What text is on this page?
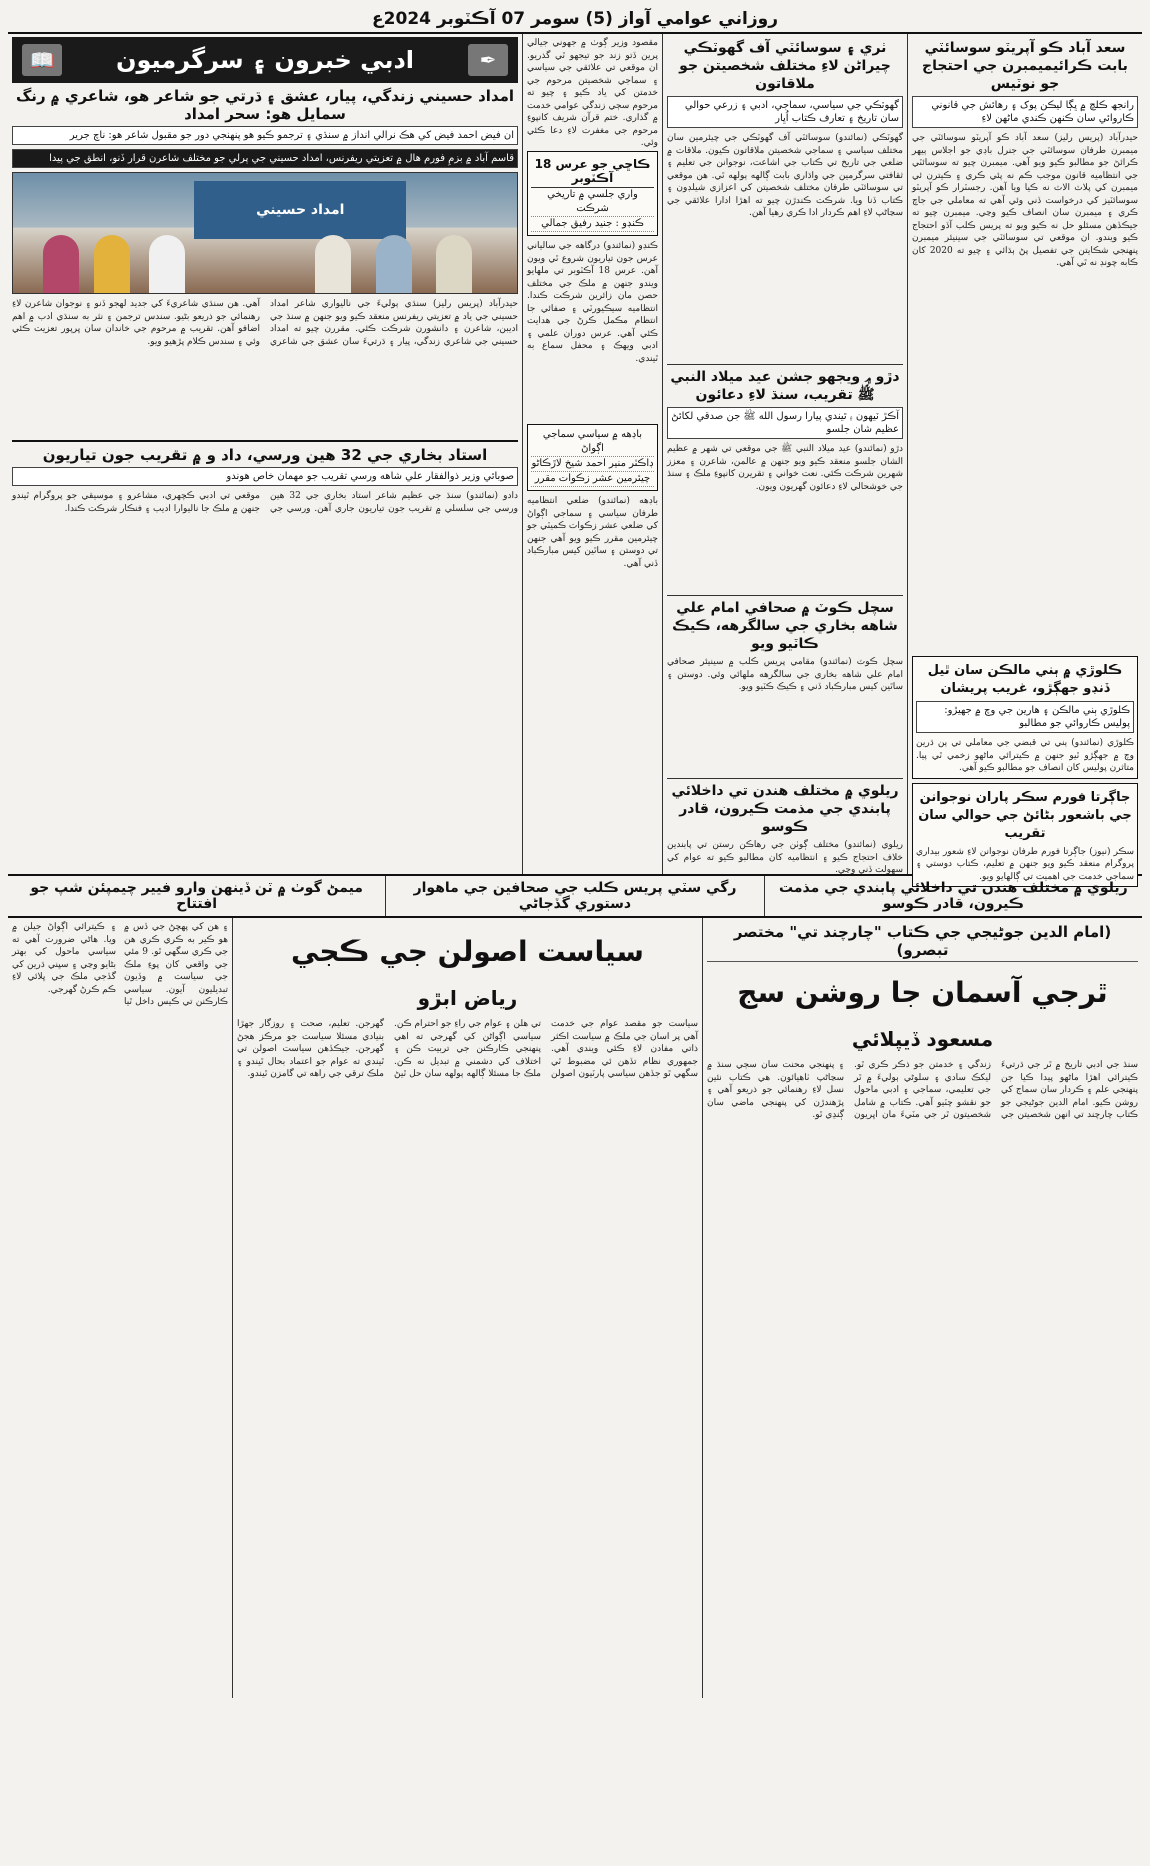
روزاني عوامي آواز (5) سومر 07 آڪٽوبر 2024ع
سعد آباد ڪو آپريٽو سوسائٽي بابت ڪرائيميمبرن جي احتجاج جو نوٽيس
رانجھ ڪلچ ۾ ڀڳا ليڪن پوک ۽ رهائش جي قانوني ڪاروائي سان ڪنهن ڪندي ماڻهن لاءِ
حيدرآباد (پريس رليز) سعد آباد ڪو آپريٽو سوسائٽي جي ميمبرن طرفان سوسائٽي جي جنرل باڊي جو اجلاس ٻيهر ڪرائڻ جو مطالبو ڪيو ويو آهي. ميمبرن چيو ته سوسائٽي جي انتظاميه قانون موجب ڪم نه پئي ڪري ۽ ڪيترن ئي ميمبرن کي پلاٽ الاٽ نه ڪيا ويا آهن. رجسٽرار ڪو آپريٽو سوسائٽيز کي درخواست ڏني وئي آهي ته معاملي جي جاچ ڪري ۽ ميمبرن سان انصاف ڪيو وڃي. ميمبرن چيو ته جيڪڏهن مسئلو حل نه ڪيو ويو ته پريس ڪلب آڏو احتجاج ڪيو ويندو. ان موقعي تي سوسائٽي جي سينيئر ميمبرن پنهنجي شڪايتن جي تفصيل پڻ ٻڌائي ۽ چيو ته 2020 کان ڪابه چونڊ نه ٿي آهي.
ڪلوڙي ۾ ٻني مالڪن سان ٿيل ڏنڊو جهڳڙو، غريب پريشان
ڪلوڙي ٻني مالڪن ۽ هارين جي وچ ۾ جهيڙو: پوليس ڪاروائي جو مطالبو
ڪلوڙي (نمائندو) ٻني تي قبضي جي معاملي تي ٻن ڌرين وچ ۾ جهڳڙو ٿيو جنهن ۾ ڪيترائي ماڻهو زخمي ٿي پيا. متاثرن پوليس کان انصاف جو مطالبو ڪيو آهي.
جاڳرتا فورم سڪر پاران نوجوانن جي باشعور بڻائڻ جي حوالي سان تقريب
سڪر (نيوز) جاڳرتا فورم طرفان نوجوانن لاءِ شعور بيداري پروگرام منعقد ڪيو ويو جنهن ۾ تعليم، ڪتاب دوستي ۽ سماجي خدمت جي اهميت تي ڳالهايو ويو.
ٺري ۽ سوسائٽي آف گهوٽڪي چيراڻن لاءِ مختلف شخصيتن جو ملاقاتون
گهوٽڪي جي سياسي، سماجي، ادبي ۽ زرعي حوالي سان تاريخ ۽ تعارف ڪتاب اُڀار
گهوٽڪي (نمائندو) سوسائٽي آف گهوٽڪي جي چيئرمين سان مختلف سياسي ۽ سماجي شخصيتن ملاقاتون ڪيون. ملاقات ۾ ضلعي جي تاريخ تي ڪتاب جي اشاعت، نوجوانن جي تعليم ۽ ثقافتي سرگرمين جي واڌاري بابت ڳالهه ٻولهه ٿي. هن موقعي تي سوسائٽي طرفان مختلف شخصيتن کي اعزازي شيلڊون ۽ ڪتاب ڏنا ويا. شرڪت ڪندڙن چيو ته اهڙا ادارا علائقي جي سڃاڻپ لاءِ اهم ڪردار ادا ڪري رهيا آهن.
دڙو ۾ ويجهو جشن عيد ميلاد النبي ﷺ تقريب، سنڌ لاءِ دعائون
آڪڙ ٽيهون ۽ ٿيندي پيارا رسول الله ﷺ جن صدقي لکائڻ عظيم شان جلسو
دڙو (نمائندو) عيد ميلاد النبي ﷺ جي موقعي تي شهر ۾ عظيم الشان جلسو منعقد ڪيو ويو جنهن ۾ عالمن، شاعرن ۽ معزز شهرين شرڪت ڪئي. نعت خواني ۽ تقريرن کانپوءِ ملڪ ۽ سنڌ جي خوشحالي لاءِ دعائون گهريون ويون.
سچل ڪوٽ ۾ صحافي امام علي شاهه بخاري جي سالگرهه، ڪيڪ ڪاٽيو ويو
سچل ڪوٽ (نمائندو) مقامي پريس ڪلب ۾ سينيئر صحافي امام علي شاهه بخاري جي سالگرهه ملهائي وئي. دوستن ۽ ساٿين کيس مبارڪباد ڏني ۽ ڪيڪ ڪٽيو ويو.
ريلوي ۾ مختلف هندن تي داخلائي پابندي جي مذمت ڪيرون، قادر ڪوسو
ريلوي (نمائندو) مختلف ڳوٺن جي رهاڪن رستن تي پابندين خلاف احتجاج ڪيو ۽ انتظاميه کان مطالبو ڪيو ته عوام کي سهولت ڏني وڃي.
مقصود وزير ڳوٺ ۾ جهوني جيالي پرين ڏتو زند جو تيجهو ٿي گذريو. ان موقعي تي علائقي جي سياسي ۽ سماجي شخصيتن مرحوم جي خدمتن کي ياد ڪيو ۽ چيو ته مرحوم سڄي زندگي عوامي خدمت ۾ گذاري. ختم قرآن شريف کانپوءِ مرحوم جي مغفرت لاءِ دعا ڪئي وئي.
ڪاڇي جو عرس 18 آڪٽوبر
واري جلسي ۾ تاريخي شرڪت
ڪنڊو : جنيد رفيق جمالي
ڪنڊو (نمائندو) درگاهه جي سالياني عرس جون تياريون شروع ٿي ويون آهن. عرس 18 آڪٽوبر تي ملهايو ويندو جنهن ۾ ملڪ جي مختلف حصن مان زائرين شرڪت ڪندا. انتظاميه سيڪيورٽي ۽ صفائي جا انتظام مڪمل ڪرڻ جي هدايت ڪئي آهي. عرس دوران علمي ۽ ادبي ويهڪ ۽ محفل سماع به ٿيندي.
باڊهه ۾ سياسي سماجي اڳواڻ
ڊاڪٽر منير احمد شيخ لاڙڪاڻو
چيئرمين عشر زڪوات مقرر
باڊهه (نمائندو) ضلعي انتظاميه طرفان سياسي ۽ سماجي اڳواڻ کي ضلعي عشر زڪوات ڪميٽي جو چيئرمين مقرر ڪيو ويو آهي جنهن تي دوستن ۽ ساٿين کيس مبارڪباد ڏني آهي.
✒
ادبي خبرون ۽ سرگرميون
📖
امداد حسيني زندگي، پيار، عشق ۽ ڌرتي جو شاعر هو، شاعري ۾ رنگ سمايل هو: سحر امداد
ان فيض احمد فيض کي هڪ نرالي انداز ۾ سنڌي ۽ ترجمو ڪيو هو پنهنجي دور جو مقبول شاعر هو: ناچ جرير
قاسم آباد ۾ بزمِ فورم هال ۾ تعزيتي ريفرنس، امداد حسيني جي پرلي جو مختلف شاعرن قرار ڏنو، انطق جي پيدا
امداد حسيني
حيدرآباد (پريس رليز) سنڌي ٻوليءَ جي ناليواري شاعر امداد حسيني جي ياد ۾ تعزيتي ريفرنس منعقد ڪيو ويو جنهن ۾ سنڌ جي اديبن، شاعرن ۽ دانشورن شرڪت ڪئي. مقررن چيو ته امداد حسيني جي شاعري زندگي، پيار ۽ ڌرتيءَ سان عشق جي شاعري آهي. هن سنڌي شاعريءَ کي جديد لهجو ڏنو ۽ نوجوان شاعرن لاءِ رهنمائي جو ذريعو بڻيو. سندس ترجمن ۽ نثر به سنڌي ادب ۾ اهم اضافو آهن. تقريب ۾ مرحوم جي خاندان سان ڀرپور تعزيت ڪئي وئي ۽ سندس ڪلام پڙهيو ويو.
استاد بخاري جي 32 هين ورسي، داد و ۾ تقريب جون تياريون
صوبائي وزير ذوالفقار علي شاهه ورسي تقريب جو مهمان خاص هوندو
دادو (نمائندو) سنڌ جي عظيم شاعر استاد بخاري جي 32 هين ورسي جي سلسلي ۾ تقريب جون تياريون جاري آهن. ورسي جي موقعي تي ادبي ڪچهري، مشاعرو ۽ موسيقي جو پروگرام ٿيندو جنهن ۾ ملڪ جا ناليوارا اديب ۽ فنڪار شرڪت ڪندا.
ريلوي ۾ مختلف هندن تي داخلائي پابندي جي مذمت ڪيرون، قادر ڪوسو
رگي سٽي پريس ڪلب جي صحافين جي ماهوار دستوري گڏجاڻي
ميمڻ گوٺ ۾ ٽن ڏينهن وارو فيير چيمپئن شپ جو افتتاح
(امام الدين جوڻيجي جي ڪتاب "چارچند تي" مختصر تبصرو)
ٿرجي آسمان جا روشن سج
مسعود ڏيپلائي
سنڌ جي ادبي تاريخ ۾ ٿر جي ڌرتيءَ ڪيترائي اهڙا ماڻهو پيدا ڪيا جن پنهنجي علم ۽ ڪردار سان سماج کي روشن ڪيو. امام الدين جوڻيجي جو ڪتاب چارچند تي انهن شخصيتن جي زندگي ۽ خدمتن جو ذڪر ڪري ٿو. ليکڪ سادي ۽ سلوڻي ٻوليءَ ۾ ٿر جي تعليمي، سماجي ۽ ادبي ماحول جو نقشو چٽيو آهي. ڪتاب ۾ شامل شخصيتون ٿر جي مٽيءَ مان اڀريون ۽ پنهنجي محنت سان سڄي سنڌ ۾ سڃاڻپ ٺاهيائون. هي ڪتاب نئين نسل لاءِ رهنمائي جو ذريعو آهي ۽ پڙهندڙن کي پنهنجي ماضي سان ڳنڍي ٿو.
سياست اصولن جي ڪجي
رياض ابڙو
سياست جو مقصد عوام جي خدمت آهي پر اسان جي ملڪ ۾ سياست اڪثر ذاتي مفادن لاءِ ڪئي ويندي آهي. جمهوري نظام تڏهن ئي مضبوط ٿي سگهي ٿو جڏهن سياسي پارٽيون اصولن تي هلن ۽ عوام جي راءِ جو احترام ڪن. سياسي اڳواڻن کي گهرجي ته اهي پنهنجي ڪارڪنن جي تربيت ڪن ۽ اختلاف کي دشمني ۾ تبديل نه ڪن. ملڪ جا مسئلا ڳالهه ٻولهه سان حل ٿيڻ گهرجن. تعليم، صحت ۽ روزگار جهڙا بنيادي مسئلا سياست جو مرڪز هجڻ گهرجن. جيڪڏهن سياست اصولن تي ٿيندي ته عوام جو اعتماد بحال ٿيندو ۽ ملڪ ترقي جي راهه تي گامزن ٿيندو.
۽ هن کي پهچڻ جي ڏس ۾ هو ڪير به ڪري ڪري هن جي ڪري سگهي ٿو. 9 مئي جي واقعي کان پوءِ ملڪ جي سياست ۾ وڏيون تبديليون آيون. سياسي ڪارڪنن تي ڪيس داخل ٿيا ۽ ڪيترائي اڳواڻ جيلن ۾ ويا. هاڻي ضرورت آهي ته سياسي ماحول کي بهتر بڻايو وڃي ۽ سڀني ڌرين کي گڏجي ملڪ جي ڀلائي لاءِ ڪم ڪرڻ گهرجي.
